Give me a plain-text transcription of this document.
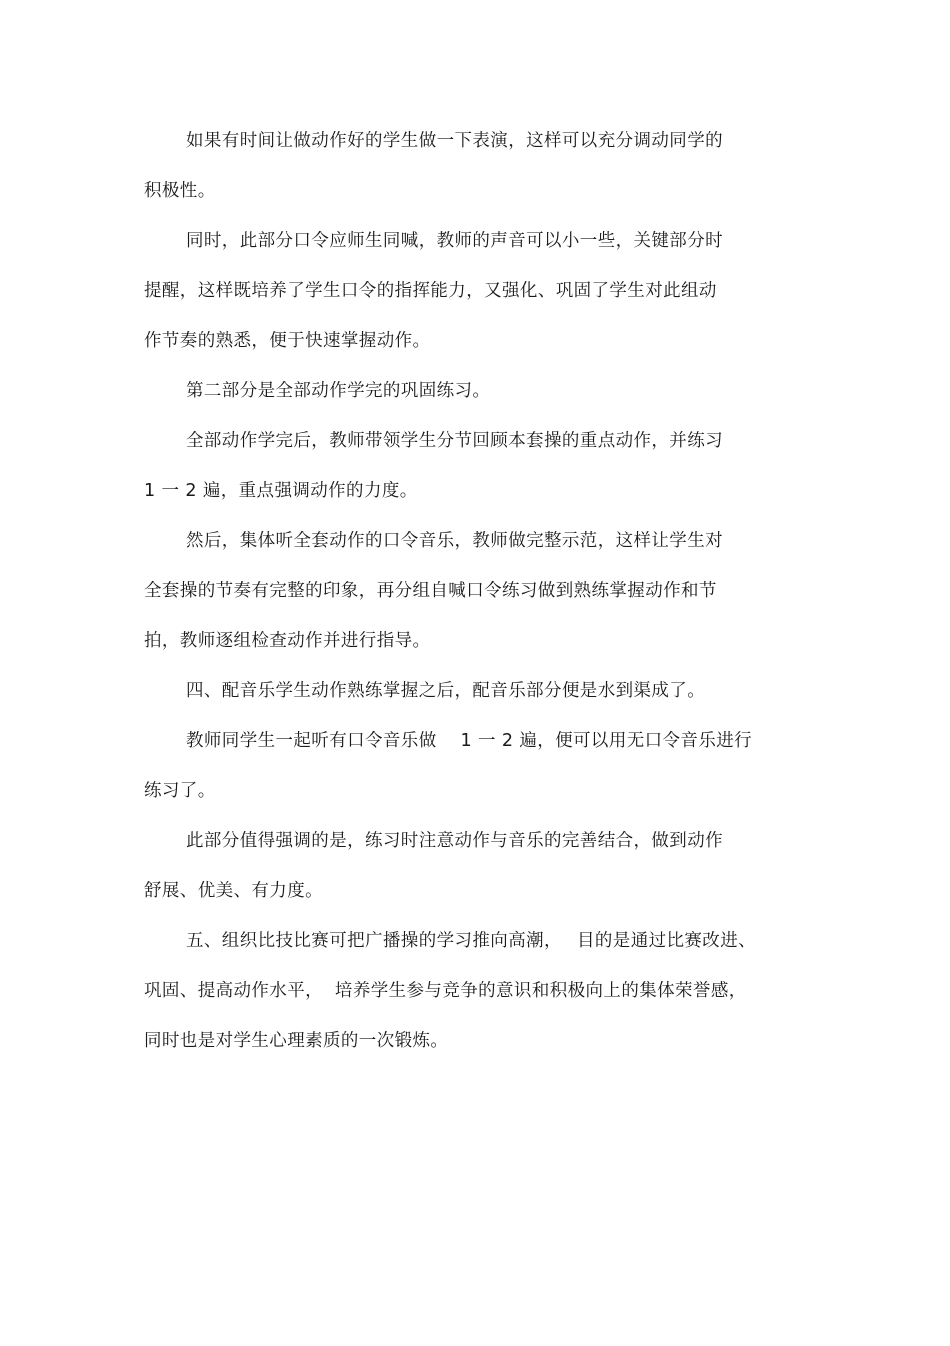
如果有时间让做动作好的学生做一下表演，这样可以充分调动同学的
积极性。
同时，此部分口令应师生同喊，教师的声音可以小一些，关键部分时
提醒，这样既培养了学生口令的指挥能力，又强化、巩固了学生对此组动
作节奏的熟悉，便于快速掌握动作。
第二部分是全部动作学完的巩固练习。
全部动作学完后，教师带领学生分节回顾本套操的重点动作，并练习
1 一 2 遍，重点强调动作的力度。
然后，集体听全套动作的口令音乐，教师做完整示范，这样让学生对
全套操的节奏有完整的印象，再分组自喊口令练习做到熟练掌握动作和节
拍，教师逐组检查动作并进行指导。
四、配音乐学生动作熟练掌握之后，配音乐部分便是水到渠成了。
教师同学生一起听有口令音乐做　 1 一 2 遍，便可以用无口令音乐进行
练习了。
此部分值得强调的是，练习时注意动作与音乐的完善结合，做到动作
舒展、优美、有力度。
五、组织比技比赛可把广播操的学习推向高潮，　 目的是通过比赛改进、
巩固、提高动作水平，  培养学生参与竞争的意识和积极向上的集体荣誉感，
同时也是对学生心理素质的一次锻炼。
